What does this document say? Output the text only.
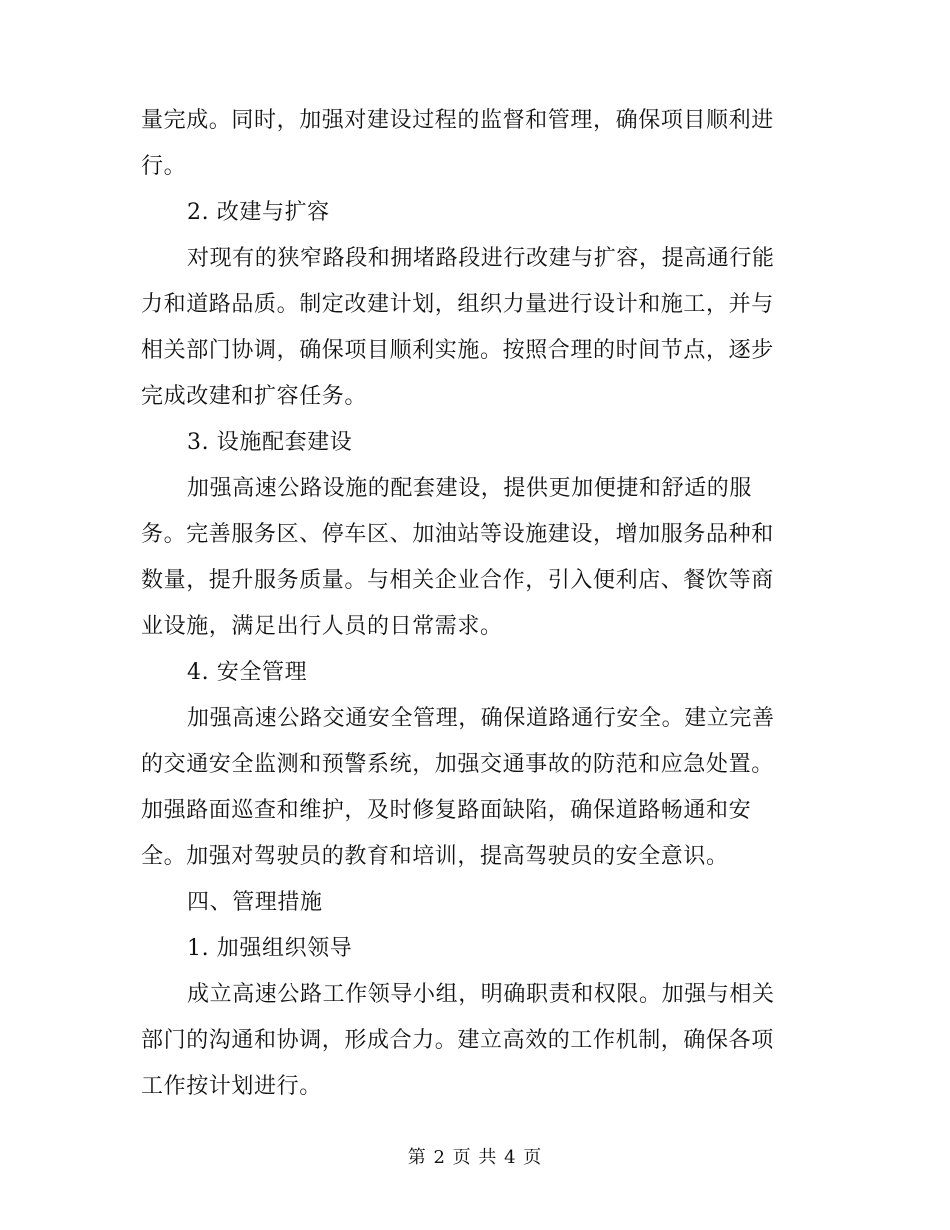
量完成。同时，加强对建设过程的监督和管理，确保项目顺利进
行。
2. 改建与扩容
对现有的狭窄路段和拥堵路段进行改建与扩容，提高通行能
力和道路品质。制定改建计划，组织力量进行设计和施工，并与
相关部门协调，确保项目顺利实施。按照合理的时间节点，逐步
完成改建和扩容任务。
3. 设施配套建设
加强高速公路设施的配套建设，提供更加便捷和舒适的服
务。完善服务区、停车区、加油站等设施建设，增加服务品种和
数量，提升服务质量。与相关企业合作，引入便利店、餐饮等商
业设施，满足出行人员的日常需求。
4. 安全管理
加强高速公路交通安全管理，确保道路通行安全。建立完善
的交通安全监测和预警系统，加强交通事故的防范和应急处置。
加强路面巡查和维护，及时修复路面缺陷，确保道路畅通和安
全。加强对驾驶员的教育和培训，提高驾驶员的安全意识。
四、管理措施
1. 加强组织领导
成立高速公路工作领导小组，明确职责和权限。加强与相关
部门的沟通和协调，形成合力。建立高效的工作机制，确保各项
工作按计划进行。
第 2 页 共 4 页
